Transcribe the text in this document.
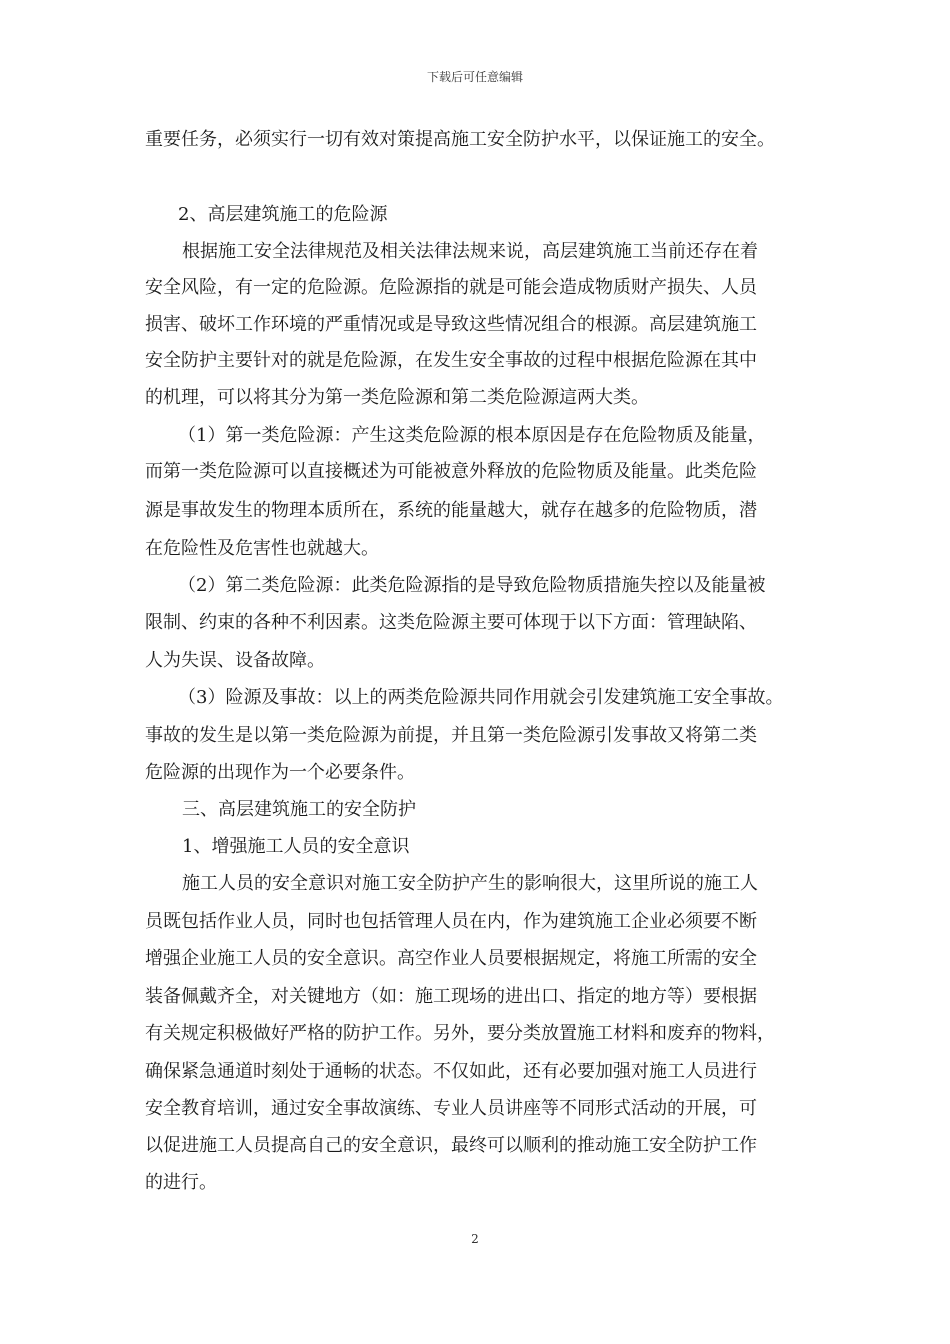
下载后可任意编辑
重要任务，必须实行一切有效对策提高施工安全防护水平，以保证施工的安全。
2、高层建筑施工的危险源
根据施工安全法律规范及相关法律法规来说，高层建筑施工当前还存在着
安全风险，有一定的危险源。危险源指的就是可能会造成物质财产损失、人员
损害、破坏工作环境的严重情况或是导致这些情况组合的根源。高层建筑施工
安全防护主要针对的就是危险源，在发生安全事故的过程中根据危险源在其中
的机理，可以将其分为第一类危险源和第二类危险源這两大类。
（1）第一类危险源：产生这类危险源的根本原因是存在危险物质及能量，
而第一类危险源可以直接概述为可能被意外释放的危险物质及能量。此类危险
源是事故发生的物理本质所在，系统的能量越大，就存在越多的危险物质，潜
在危险性及危害性也就越大。
（2）第二类危险源：此类危险源指的是导致危险物质措施失控以及能量被
限制、约束的各种不利因素。这类危险源主要可体现于以下方面：管理缺陷、
人为失误、设备故障。
（3）险源及事故：以上的两类危险源共同作用就会引发建筑施工安全事故。
事故的发生是以第一类危险源为前提，并且第一类危险源引发事故又将第二类
危险源的出现作为一个必要条件。
三、高层建筑施工的安全防护
1、增强施工人员的安全意识
施工人员的安全意识对施工安全防护产生的影响很大，这里所说的施工人
员既包括作业人员，同时也包括管理人员在内，作为建筑施工企业必须要不断
增强企业施工人员的安全意识。高空作业人员要根据规定，将施工所需的安全
装备佩戴齐全，对关键地方（如：施工现场的进出口、指定的地方等）要根据
有关规定积极做好严格的防护工作。另外，要分类放置施工材料和废弃的物料，
确保紧急通道时刻处于通畅的状态。不仅如此，还有必要加强对施工人员进行
安全教育培训，通过安全事故演练、专业人员讲座等不同形式活动的开展，可
以促进施工人员提高自己的安全意识，最终可以顺利的推动施工安全防护工作
的进行。
2
